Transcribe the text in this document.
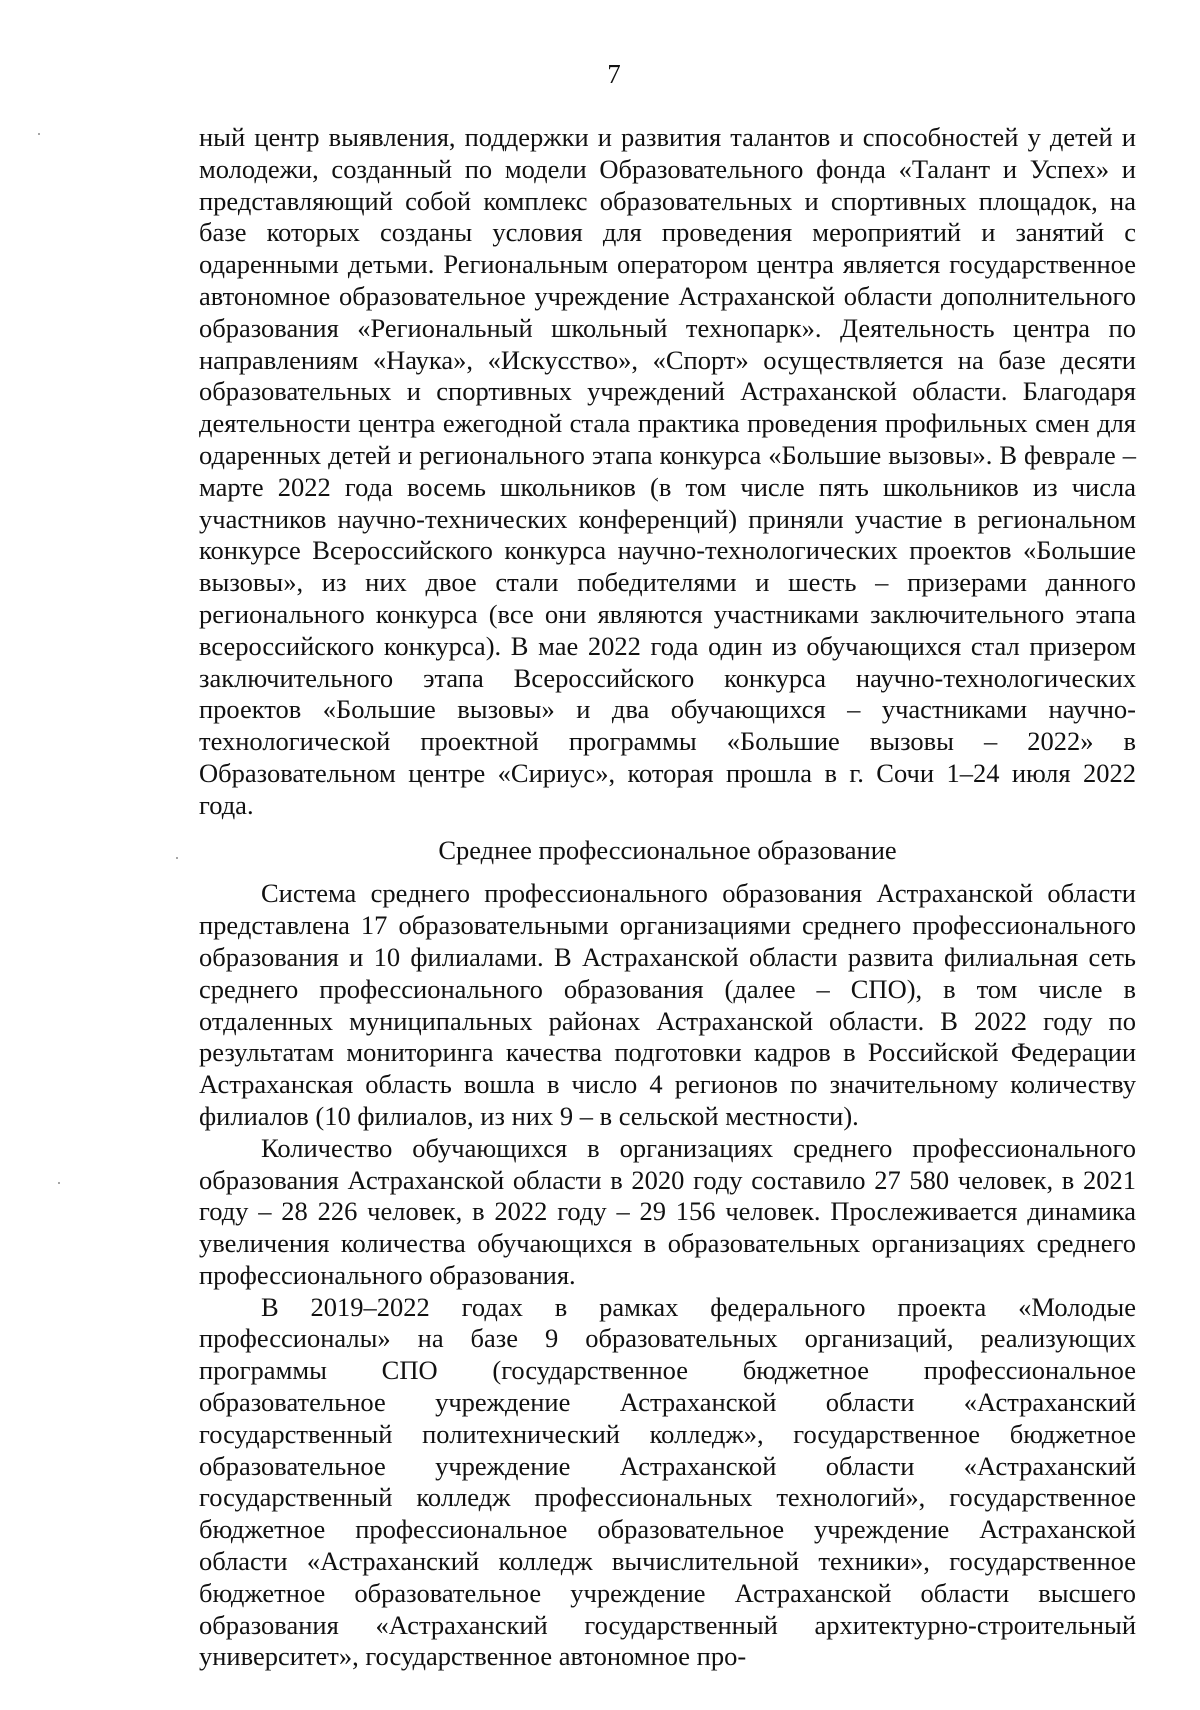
7

ный центр выявления, поддержки и развития талантов и способностей у детей и молодежи, созданный по модели Образовательного фонда «Талант и Успех» и представляющий собой комплекс образовательных и спортивных площадок, на базе которых созданы условия для проведения мероприятий и занятий с одаренными детьми. Региональным оператором центра является государственное автономное образовательное учреждение Астраханской области дополнительного образования «Региональный школьный технопарк». Деятельность центра по направлениям «Наука», «Искусство», «Спорт» осуществляется на базе десяти образовательных и спортивных учреждений Астраханской области. Благодаря деятельности центра ежегодной стала практика проведения профильных смен для одаренных детей и регионального этапа конкурса «Большие вызовы». В феврале – марте 2022 года восемь школьников (в том числе пять школьников из числа участников научно-технических конференций) приняли участие в региональном конкурсе Всероссийского конкурса научно-технологических проектов «Большие вызовы», из них двое стали победителями и шесть – призерами данного регионального конкурса (все они являются участниками заключительного этапа всероссийского конкурса). В мае 2022 года один из обучающихся стал призером заключительного этапа Всероссийского конкурса научно-технологических проектов «Большие вызовы» и два обучающихся – участниками научно-технологической проектной программы «Большие вызовы – 2022» в Образовательном центре «Сириус», которая прошла в г. Сочи 1–24 июля 2022 года.

Среднее профессиональное образование

Система среднего профессионального образования Астраханской области представлена 17 образовательными организациями среднего профессионального образования и 10 филиалами. В Астраханской области развита филиальная сеть среднего профессионального образования (далее – СПО), в том числе в отдаленных муниципальных районах Астраханской области. В 2022 году по результатам мониторинга качества подготовки кадров в Российской Федерации Астраханская область вошла в число 4 регионов по значительному количеству филиалов (10 филиалов, из них 9 – в сельской местности).

Количество обучающихся в организациях среднего профессионального образования Астраханской области в 2020 году составило 27 580 человек, в 2021 году – 28 226 человек, в 2022 году – 29 156 человек. Прослеживается динамика увеличения количества обучающихся в образовательных организациях среднего профессионального образования.

В 2019–2022 годах в рамках федерального проекта «Молодые профессионалы» на базе 9 образовательных организаций, реализующих программы СПО (государственное бюджетное профессиональное образовательное учреждение Астраханской области «Астраханский государственный политехнический колледж», государственное бюджетное образовательное учреждение Астраханской области «Астраханский государственный колледж профессиональных технологий», государственное бюджетное профессиональное образовательное учреждение Астраханской области «Астраханский колледж вычислительной техники», государственное бюджетное образовательное учреждение Астраханской области высшего образования «Астраханский государственный архитектурно-строительный университет», государственное автономное про-
